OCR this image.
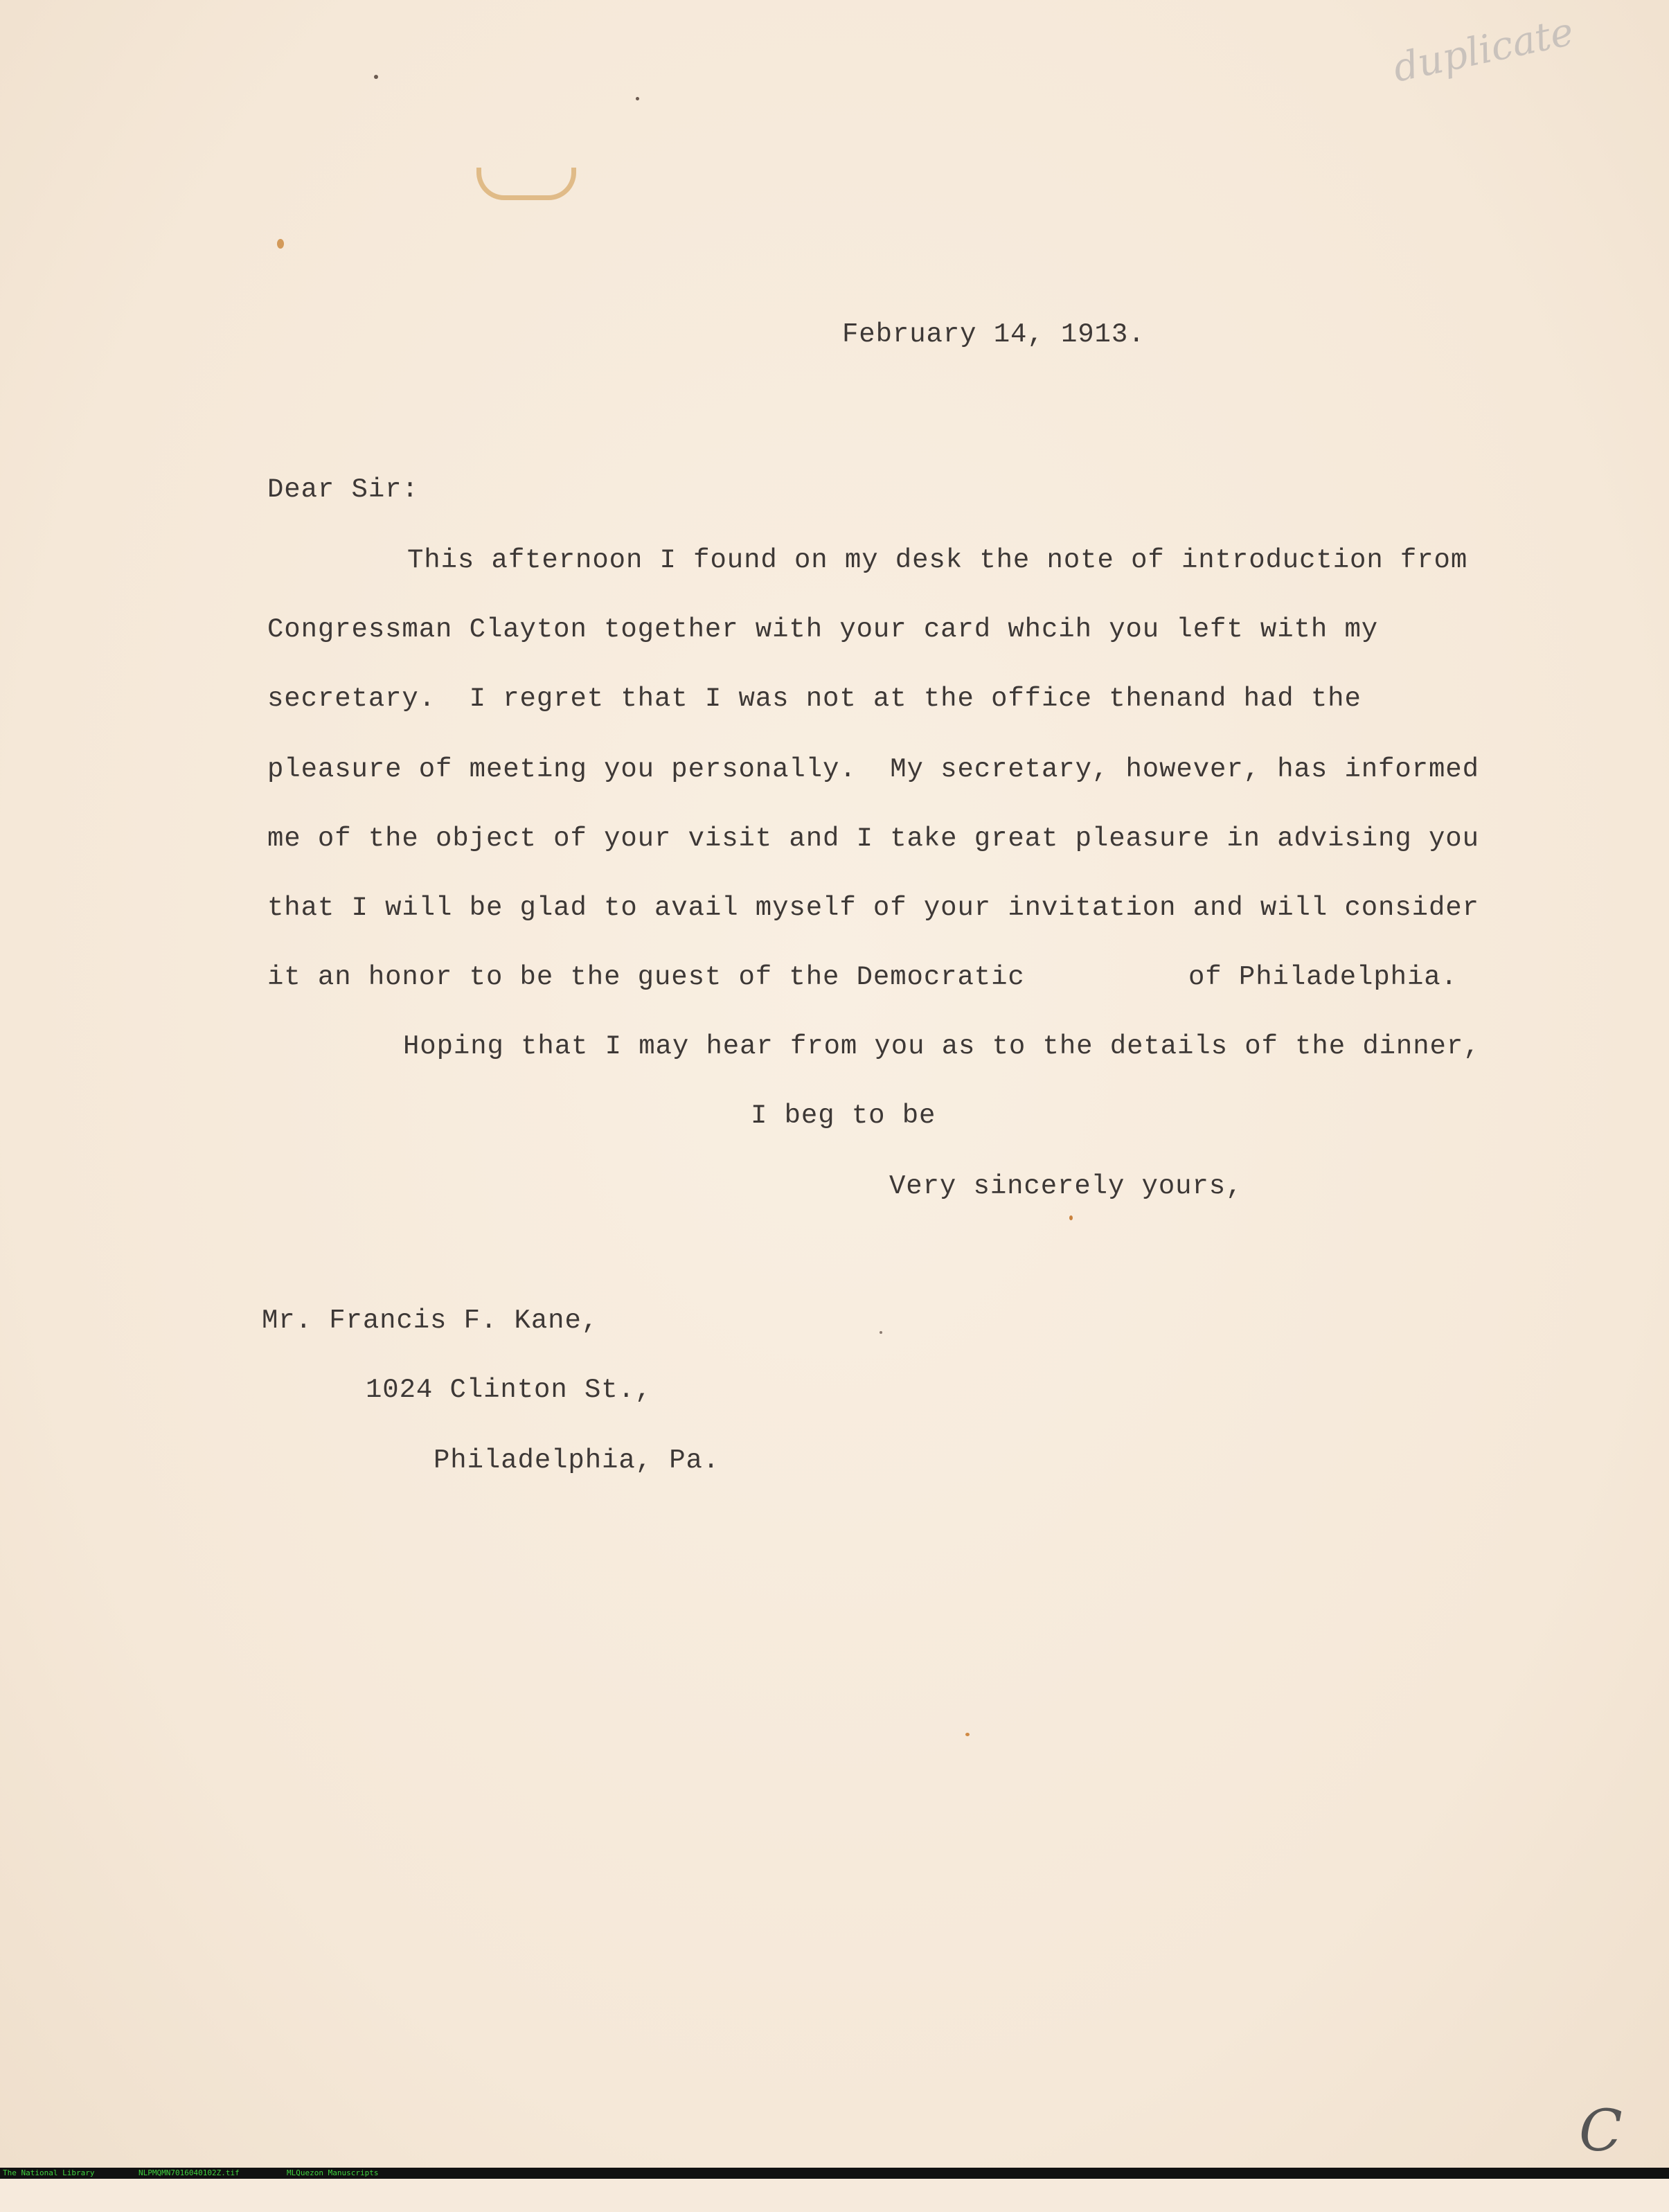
duplicate
C
February 14, 1913.
Dear Sir:
This afternoon I found on my desk the note of introduction from
Congressman Clayton together with your card whcih you left with my
secretary.  I regret that I was not at the office thenand had the
pleasure of meeting you personally.  My secretary, however, has informed
me of the object of your visit and I take great pleasure in advising you
that I will be glad to avail myself of your invitation and will consider
it an honor to be the guest of the Democratic	of Philadelphia.
Hoping that I may hear from you as to the details of the dinner,
I beg to be
Very sincerely yours,
Mr. Francis F. Kane,
1024 Clinton St.,
Philadelphia, Pa.

The National Library

	NLPMQMN7016040102Z.tif

	MLQuezon Manuscripts
